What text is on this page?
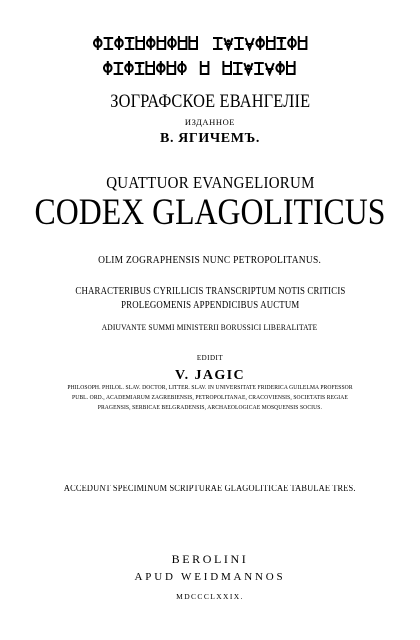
ЗОГРАФСКОЕ ЕВАНГЕЛIЕ
ИЗДАННОЕ
В. ЯГИЧЕМЪ.
QUATTUOR EVANGELIORUM
CODEX GLAGOLITICUS
OLIM ZOGRAPHENSIS NUNC PETROPOLITANUS.
CHARACTERIBUS CYRILLICIS TRANSCRIPTUM NOTIS CRITICIS
PROLEGOMENIS APPENDICIBUS AUCTUM
ADIUVANTE SUMMI MINISTERII BORUSSICI LIBERALITATE
EDIDIT
V. JAGIĆ
PHILOSOPH. PHILOL. SLAV. DOCTOR, LITTER. SLAV. IN UNIVERSITATE FRIDERICA GUILELMA PROFESSOR
PUBL. ORD., ACADEMIARUM ZAGREBIENSIS, PETROPOLITANAE, CRACOVIENSIS, SOCIETATIS REGIAE
PRAGENSIS, SERBICAE BELGRADENSIS, ARCHAEOLOGICAE MOSQUENSIS SOCIUS.
ACCEDUNT SPECIMINUM SCRIPTURAE GLAGOLITICAE TABULAE TRES.
BEROLINI
APUD WEIDMANNOS
MDCCCLXXIX.
